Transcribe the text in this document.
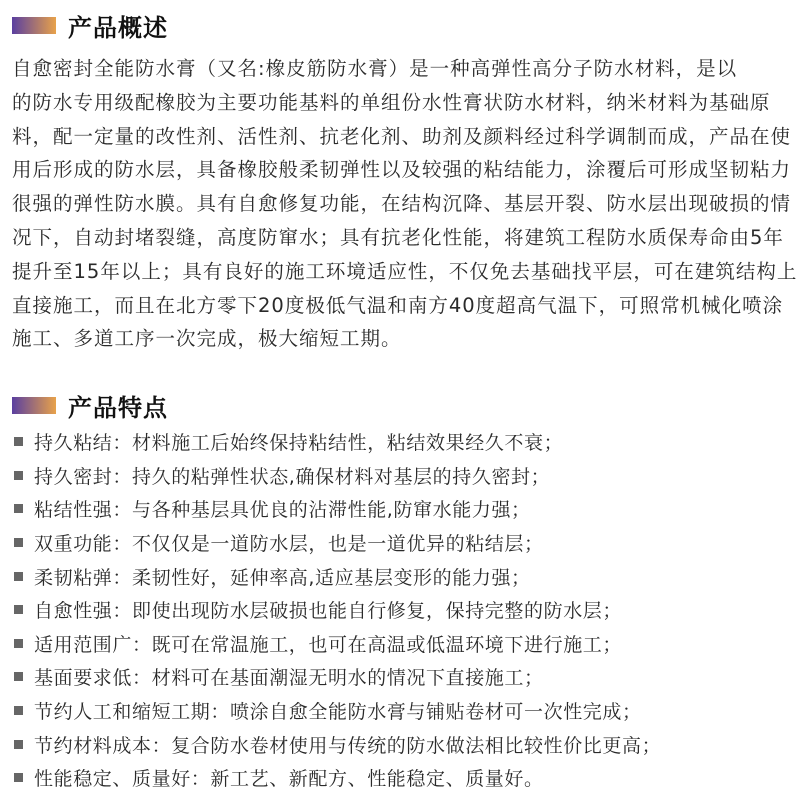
产品概述
自愈密封全能防水膏（又名:橡皮筋防水膏）是一种高弹性高分子防水材料，是以
的防水专用级配橡胶为主要功能基料的单组份水性膏状防水材料，纳米材料为基础原
料，配一定量的改性剂、活性剂、抗老化剂、助剂及颜料经过科学调制而成，产品在使
用后形成的防水层，具备橡胶般柔韧弹性以及较强的粘结能力，涂覆后可形成坚韧粘力
很强的弹性防水膜。具有自愈修复功能，在结构沉降、基层开裂、防水层出现破损的情
况下，自动封堵裂缝，高度防窜水；具有抗老化性能，将建筑工程防水质保寿命由5年
提升至15年以上；具有良好的施工环境适应性，不仅免去基础找平层，可在建筑结构上
直接施工，而且在北方零下20度极低气温和南方40度超高气温下，可照常机械化喷涂
施工、多道工序一次完成，极大缩短工期。
产品特点
持久粘结：材料施工后始终保持粘结性，粘结效果经久不衰；
持久密封：持久的粘弹性状态,确保材料对基层的持久密封；
粘结性强：与各种基层具优良的沾滞性能,防窜水能力强；
双重功能：不仅仅是一道防水层，也是一道优异的粘结层；
柔韧粘弹：柔韧性好，延伸率高,适应基层变形的能力强；
自愈性强：即使出现防水层破损也能自行修复，保持完整的防水层；
适用范围广：既可在常温施工，也可在高温或低温环境下进行施工；
基面要求低：材料可在基面潮湿无明水的情况下直接施工；
节约人工和缩短工期：喷涂自愈全能防水膏与铺贴卷材可一次性完成；
节约材料成本：复合防水卷材使用与传统的防水做法相比较性价比更高；
性能稳定、质量好：新工艺、新配方、性能稳定、质量好。
